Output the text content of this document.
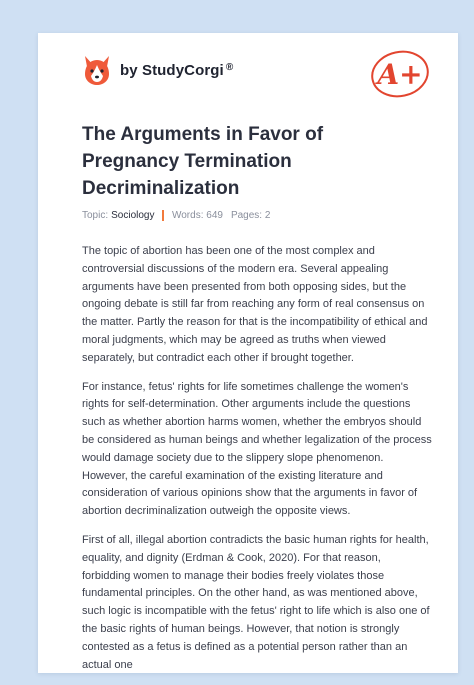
by StudyCorgi ®	A+
The Arguments in Favor of Pregnancy Termination Decriminalization
Topic: Sociology Words:
649 Pages:
2

The topic of abortion has been one of the most complex and controversial discussions of the modern era. Several appealing arguments have been presented from both opposing sides, but the ongoing debate is still far from reaching any form of real consensus on the matter. Partly the reason for that is the incompatibility of ethical and moral judgments, which may be agreed as truths when viewed separately, but contradict each other if brought together.

For instance, fetus' rights for life sometimes challenge the women's rights for self-determination. Other arguments include the questions such as whether abortion harms women, whether the embryos should be considered as human beings and whether legalization of the process would damage society due to the slippery slope phenomenon. However, the careful examination of the existing literature and consideration of various opinions show that the arguments in favor of abortion decriminalization outweigh the opposite views.

First of all, illegal abortion contradicts the basic human rights for health, equality, and dignity (Erdman & Cook, 2020). For that reason, forbidding women to manage their bodies freely violates those fundamental principles. On the other hand, as was mentioned above, such logic is incompatible with the fetus' right to life which is also one of the basic rights of human beings. However, that notion is strongly contested as a fetus is defined as a potential person rather than an actual one
